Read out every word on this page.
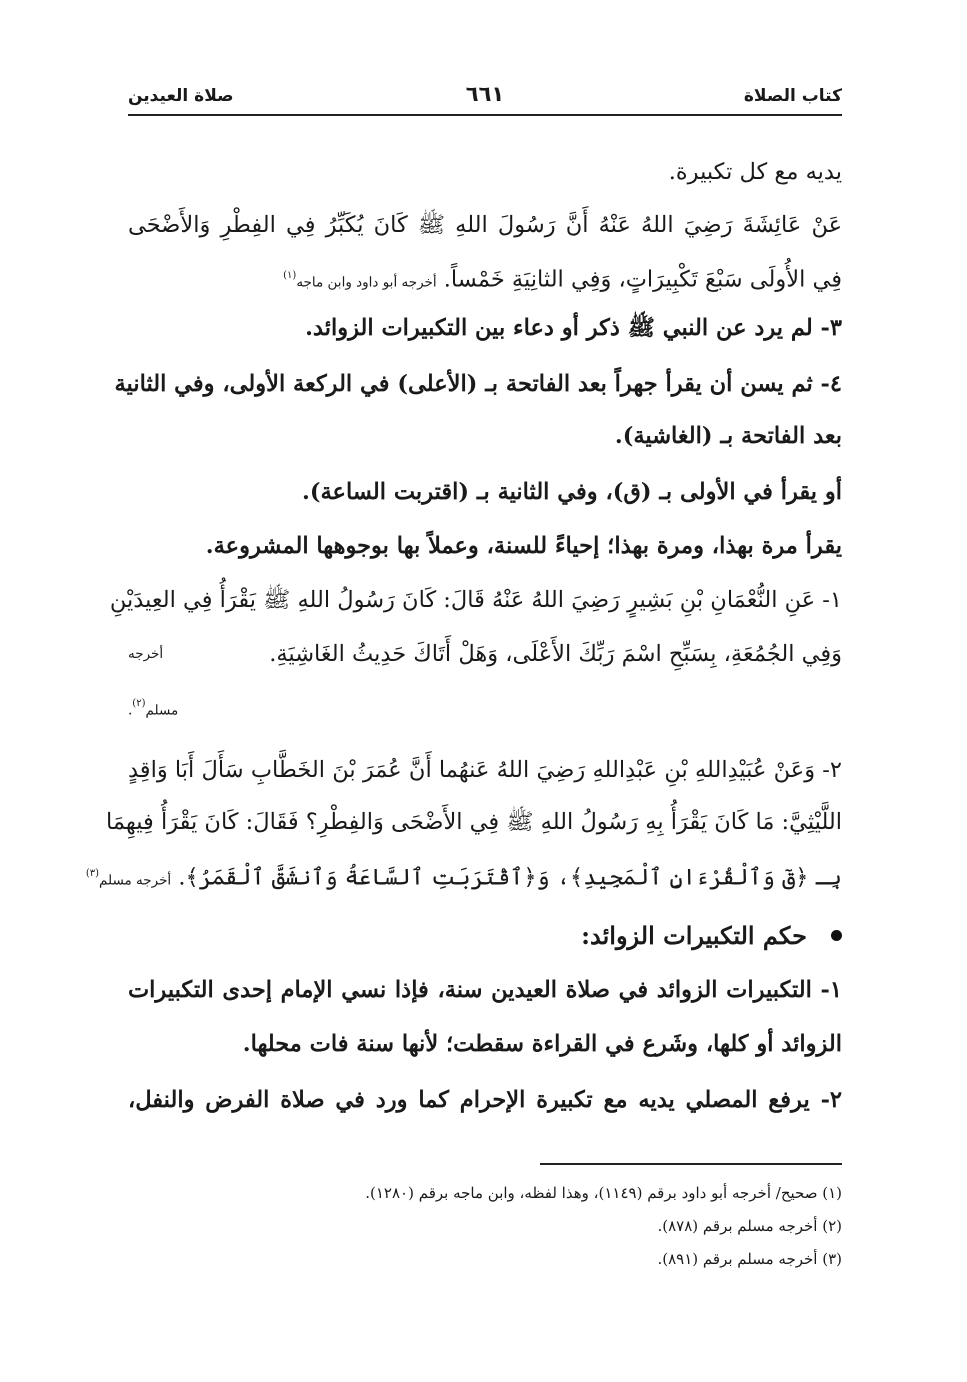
كتاب الصلاة
٦٦١
صلاة العيدين
يديه مع كل تكبيرة.
عَنْ عَائِشَةَ رَضِيَ اللهُ عَنْهُ أَنَّ رَسُولَ اللهِ ﷺ كَانَ يُكَبِّرُ فِي الفِطْرِ وَالأَضْحَى
فِي الأُولَى سَبْعَ تَكْبِيرَاتٍ، وَفِي الثانِيَةِ خَمْساً. أخرجه أبو داود وابن ماجه$^{(١)}$
٣- لم يرد عن النبي ﷺ ذكر أو دعاء بين التكبيرات الزوائد.
٤- ثم يسن أن يقرأ جهراً بعد الفاتحة بـ (الأعلى) في الركعة الأولى، وفي الثانية
بعد الفاتحة بـ (الغاشية).
أو يقرأ في الأولى بـ (ق)، وفي الثانية بـ (اقتربت الساعة).
يقرأ مرة بهذا، ومرة بهذا؛ إحياءً للسنة، وعملاً بها بوجوهها المشروعة.
١- عَنِ النُّعْمَانِ بْنِ بَشِيرٍ رَضِيَ اللهُ عَنْهُ قَالَ: كَانَ رَسُولُ اللهِ ﷺ يَقْرَأُ فِي العِيدَيْنِ
وَفِي الجُمُعَةِ، بِسَبِّحِ اسْمَ رَبِّكَ الأَعْلَى، وَهَلْ أَتَاكَ حَدِيثُ الغَاشِيَةِ.
أخرجه
مسلم$^{(٢)}$.
٢- وَعَنْ عُبَيْدِاللهِ بْنِ عَبْدِاللهِ رَضِيَ اللهُ عَنهُما أَنَّ عُمَرَ بْنَ الخَطَّابِ سَأَلَ أَبَا وَاقِدٍ
اللَّيْثِيَّ: مَا كَانَ يَقْرَأُ بِهِ رَسُولُ اللهِ ﷺ فِي الأَضْحَى وَالفِطْرِ؟ فَقَالَ: كَانَ يَقْرَأُ فِيهِمَا
بِـ ﴿قٓ وَٱلْقُرْءَانِ ٱلْمَجِيدِ﴾، وَ﴿ٱقْتَرَبَتِ ٱلسَّاعَةُ وَٱنشَقَّ ٱلْقَمَرُ﴾. أخرجه مسلم$^{(٣)}$
حكم التكبيرات الزوائد:
١- التكبيرات الزوائد في صلاة العيدين سنة، فإذا نسي الإمام إحدى التكبيرات
الزوائد أو كلها، وشَرع في القراءة سقطت؛ لأنها سنة فات محلها.
٢- يرفع المصلي يديه مع تكبيرة الإحرام كما ورد في صلاة الفرض والنفل،
(١) صحيح/ أخرجه أبو داود برقم (١١٤٩)، وهذا لفظه، وابن ماجه برقم (١٢٨٠).
(٢) أخرجه مسلم برقم (٨٧٨).
(٣) أخرجه مسلم برقم (٨٩١).
